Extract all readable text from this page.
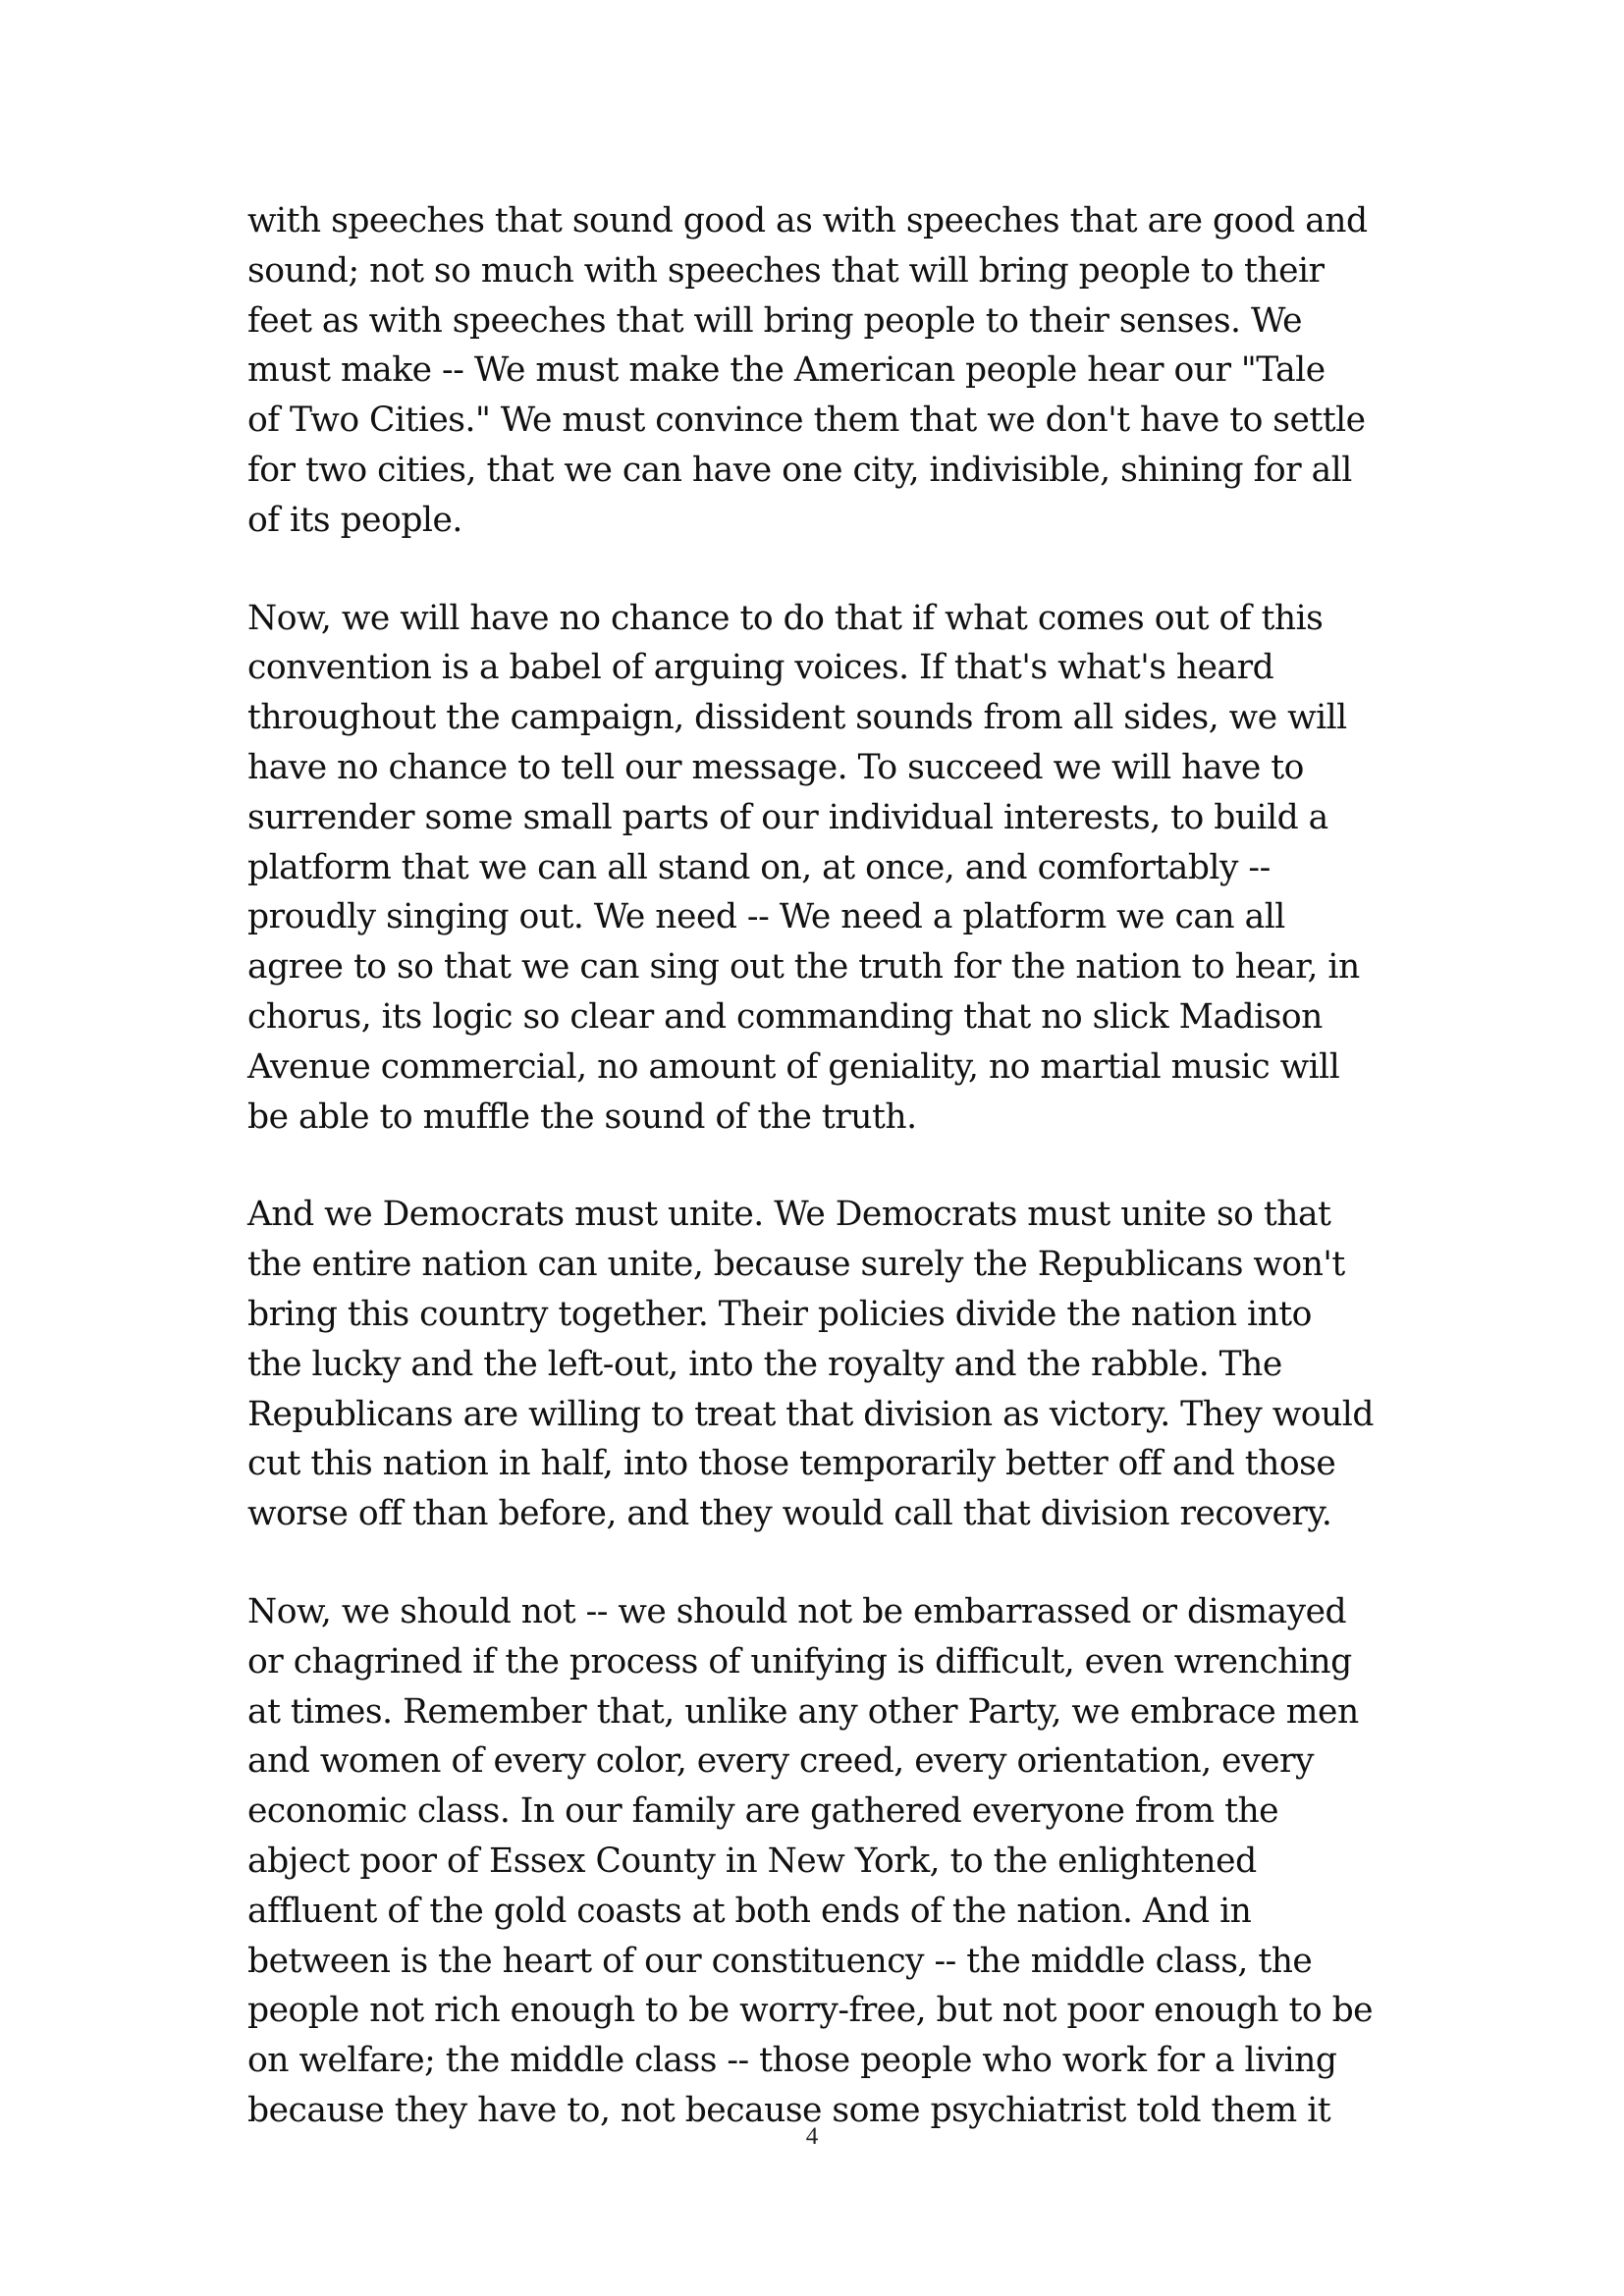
with speeches that sound good as with speeches that are good and
sound; not so much with speeches that will bring people to their
feet as with speeches that will bring people to their senses. We
must make -- We must make the American people hear our "Tale
of Two Cities." We must convince them that we don't have to settle
for two cities, that we can have one city, indivisible, shining for all
of its people.

Now, we will have no chance to do that if what comes out of this
convention is a babel of arguing voices. If that's what's heard
throughout the campaign, dissident sounds from all sides, we will
have no chance to tell our message. To succeed we will have to
surrender some small parts of our individual interests, to build a
platform that we can all stand on, at once, and comfortably --
proudly singing out. We need -- We need a platform we can all
agree to so that we can sing out the truth for the nation to hear, in
chorus, its logic so clear and commanding that no slick Madison
Avenue commercial, no amount of geniality, no martial music will
be able to muffle the sound of the truth.

And we Democrats must unite. We Democrats must unite so that
the entire nation can unite, because surely the Republicans won't
bring this country together. Their policies divide the nation into
the lucky and the left-out, into the royalty and the rabble. The
Republicans are willing to treat that division as victory. They would
cut this nation in half, into those temporarily better off and those
worse off than before, and they would call that division recovery.

Now, we should not -- we should not be embarrassed or dismayed
or chagrined if the process of unifying is difficult, even wrenching
at times. Remember that, unlike any other Party, we embrace men
and women of every color, every creed, every orientation, every
economic class. In our family are gathered everyone from the
abject poor of Essex County in New York, to the enlightened
affluent of the gold coasts at both ends of the nation. And in
between is the heart of our constituency -- the middle class, the
people not rich enough to be worry-free, but not poor enough to be
on welfare; the middle class -- those people who work for a living
because they have to, not because some psychiatrist told them it

4
